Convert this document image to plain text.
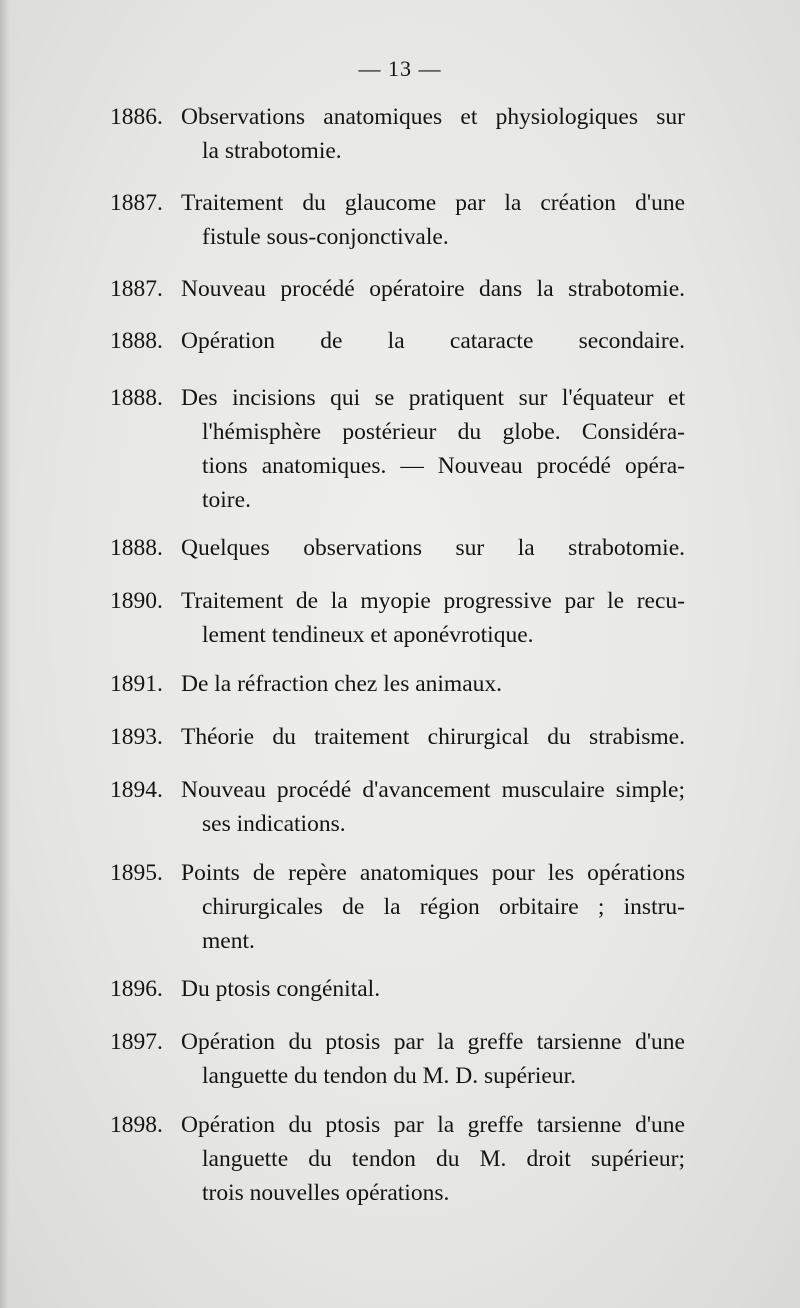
— 13 —
1886. Observations anatomiques et physiologiques sur
la strabotomie.
1887. Traitement du glaucome par la création d'une
fistule sous-conjonctivale.
1887. Nouveau procédé opératoire dans la strabotomie.
1888. Opération de la cataracte secondaire.
1888. Des incisions qui se pratiquent sur l'équateur et
l'hémisphère postérieur du globe. Considéra-
tions anatomiques. — Nouveau procédé opéra-
toire.
1888. Quelques observations sur la strabotomie.
1890. Traitement de la myopie progressive par le recu-
lement tendineux et aponévrotique.
1891. De la réfraction chez les animaux.
1893. Théorie du traitement chirurgical du strabisme.
1894. Nouveau procédé d'avancement musculaire simple;
ses indications.
1895. Points de repère anatomiques pour les opérations
chirurgicales de la région orbitaire ; instru-
ment.
1896. Du ptosis congénital.
1897. Opération du ptosis par la greffe tarsienne d'une
languette du tendon du M. D. supérieur.
1898. Opération du ptosis par la greffe tarsienne d'une
languette du tendon du M. droit supérieur;
trois nouvelles opérations.
